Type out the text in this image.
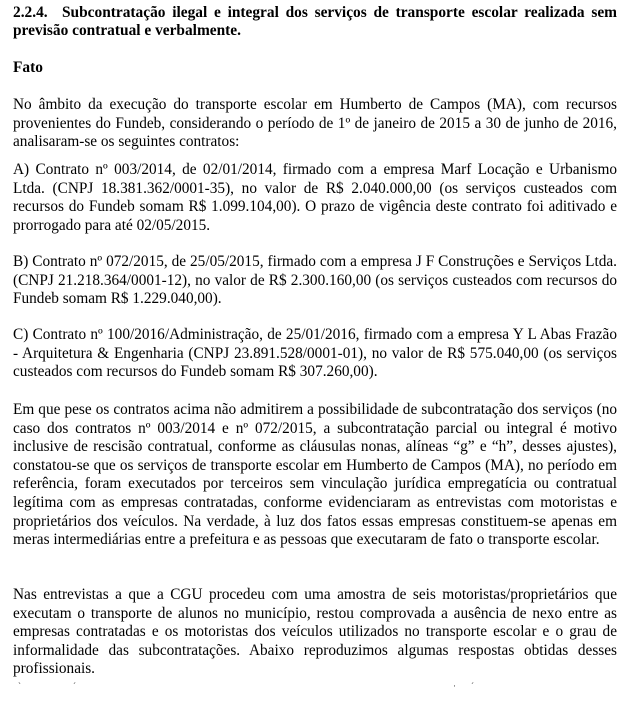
2.2.4. Subcontratação ilegal e integral dos serviços de transporte escolar realizada sem previsão contratual e verbalmente.
Fato

No âmbito da execução do transporte escolar em Humberto de Campos (MA), com recursos provenientes do Fundeb, considerando o período de 1º de janeiro de 2015 a 30 de junho de 2016, analisaram-se os seguintes contratos:

A) Contrato nº 003/2014, de 02/01/2014, firmado com a empresa Marf Locação e Urbanismo Ltda. (CNPJ 18.381.362/0001-35), no valor de R$ 2.040.000,00 (os serviços custeados com recursos do Fundeb somam R$ 1.099.104,00). O prazo de vigência deste contrato foi aditivado e prorrogado para até 02/05/2015.

B) Contrato nº 072/2015, de 25/05/2015, firmado com a empresa J F Construções e Serviços Ltda. (CNPJ 21.218.364/0001-12), no valor de R$ 2.300.160,00 (os serviços custeados com recursos do Fundeb somam R$ 1.229.040,00).

C) Contrato nº 100/2016/Administração, de 25/01/2016, firmado com a empresa Y L Abas Frazão - Arquitetura & Engenharia (CNPJ 23.891.528/0001-01), no valor de R$ 575.040,00 (os serviços custeados com recursos do Fundeb somam R$ 307.260,00).

Em que pese os contratos acima não admitirem a possibilidade de subcontratação dos serviços (no caso dos contratos nº 003/2014 e nº 072/2015, a subcontratação parcial ou integral é motivo inclusive de rescisão contratual, conforme as cláusulas nonas, alíneas “g” e “h”, desses ajustes), constatou-se que os serviços de transporte escolar em Humberto de Campos (MA), no período em referência, foram executados por terceiros sem vinculação jurídica empregatícia ou contratual legítima com as empresas contratadas, conforme evidenciaram as entrevistas com motoristas e proprietários dos veículos. Na verdade, à luz dos fatos essas empresas constituem-se apenas em meras intermediárias entre a prefeitura e as pessoas que executaram de fato o transporte escolar.

Nas entrevistas a que a CGU procedeu com uma amostra de seis motoristas/proprietários que executam o transporte de alunos no município, restou comprovada a ausência de nexo entre as empresas contratadas e os motoristas dos veículos utilizados no transporte escolar e o grau de informalidade das subcontratações. Abaixo reproduzimos algumas respostas obtidas desses profissionais.

`	´	· ´
